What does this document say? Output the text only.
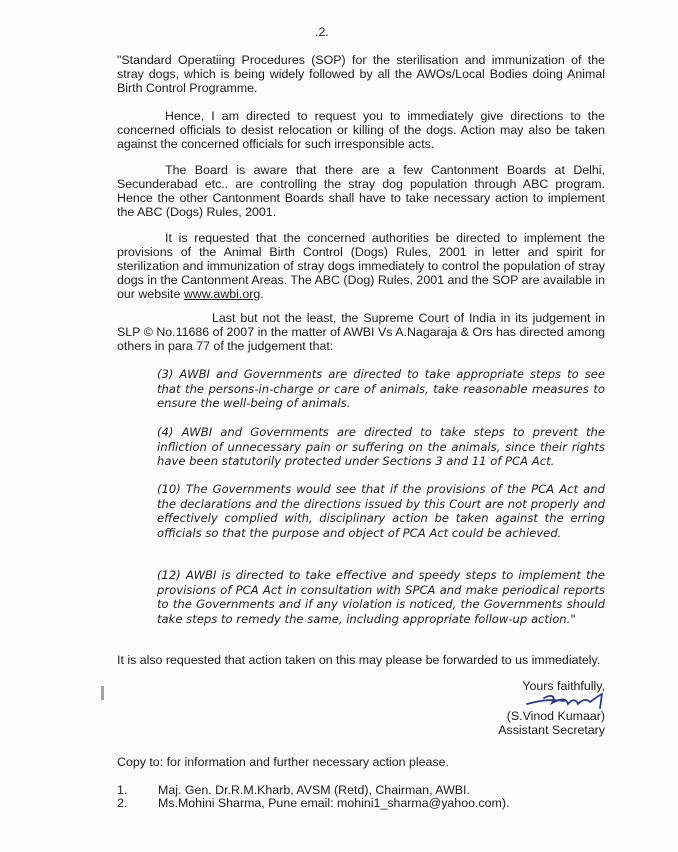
.2.
"Standard Operatiing Procedures (SOP) for the sterilisation and immunization of the stray dogs, which is being widely followed by all the AWOs/Local Bodies doing Animal Birth Control Programme.
Hence, I am directed to request you to immediately give directions to the concerned officials to desist relocation or killing of the dogs. Action may also be taken against the concerned officials for such irresponsible acts.
The Board is aware that there are a few Cantonment Boards at Delhi, Secunderabad etc.. are controlling the stray dog population through ABC program. Hence the other Cantonment Boards shall have to take necessary action to implement the ABC (Dogs) Rules, 2001.
It is requested that the concerned authorities be directed to implement the provisions of the Animal Birth Control (Dogs) Rules, 2001 in letter and spirit for sterilization and immunization of stray dogs immediately to control the population of stray dogs in the Cantonment Areas. The ABC (Dog) Rules, 2001 and the SOP are available in our website www.awbi.org.
Last but not the least, the Supreme Court of India in its judgement in SLP © No.11686 of 2007 in the matter of AWBI Vs A.Nagaraja & Ors has directed among others in para 77 of the judgement that:
(3) AWBI and Governments are directed to take appropriate steps to see that the persons-in-charge or care of animals, take reasonable measures to ensure the well-being of animals.
(4) AWBI and Governments are directed to take steps to prevent the infliction of unnecessary pain or suffering on the animals, since their rights have been statutorily protected under Sections 3 and 11 of PCA Act.
(10) The Governments would see that if the provisions of the PCA Act and the declarations and the directions issued by this Court are not properly and effectively complied with, disciplinary action be taken against the erring officials so that the purpose and object of PCA Act could be achieved.
(12) AWBI is directed to take effective and speedy steps to implement the provisions of PCA Act in consultation with SPCA and make periodical reports to the Governments and if any violation is noticed, the Governments should take steps to remedy the same, including appropriate follow-up action."
It is also requested that action taken on this may please be forwarded to us immediately.
Yours faithfully,
(S.Vinod Kumaar)
Assistant Secretary
Copy to: for information and further necessary action please.
1. Maj. Gen. Dr.R.M.Kharb, AVSM (Retd), Chairman, AWBI.
2. Ms.Mohini Sharma, Pune email: mohini1_sharma@yahoo.com).
